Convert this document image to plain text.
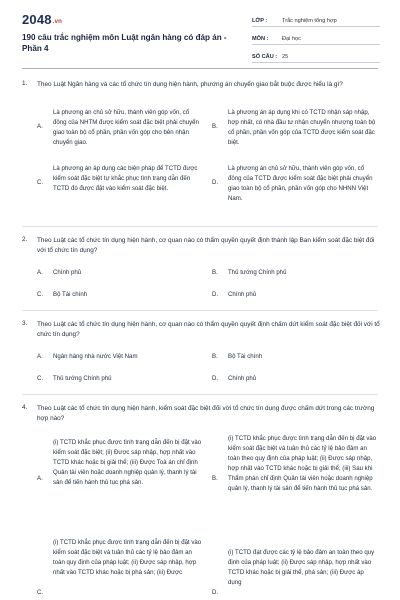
2048.vn
190 câu trắc nghiệm môn Luật ngân hàng có đáp án - Phần 4
LỚP :	Trắc nghiệm tổng hợp
MÔN :	Đại học
SỐ CÂU : 25
1. Theo Luật Ngân hàng và các tổ chức tín dụng hiện hành, phương án chuyển giao bắt buộc được hiểu là gì?
A.
Là phương án chủ sở hữu, thành viên góp vốn, cổ đông của NHTM được kiểm soát đặc biệt phải chuyển giao toàn bộ cổ phần, phần vốn góp cho bên nhận chuyển giao.
B.
Là phương án áp dụng khi có TCTD nhận sáp nhập, hợp nhất, có nhà đầu tư nhận chuyển nhượng toàn bộ cổ phần, phần vốn góp của TCTD được kiểm soát đặc biệt.
C.
Là phương án áp dụng các biện pháp để TCTD được kiểm soát đặc biệt tự khắc phục tình trạng dẫn đến TCTD đó được đặt vào kiểm soát đặc biệt.
D.
Là phương án chủ sở hữu, thành viên góp vốn, cổ đông của TCTD được kiểm soát đặc biệt phải chuyển giao toàn bộ cổ phần, phần vốn góp cho NHNN Việt Nam.
2. Theo Luật các tổ chức tín dụng hiện hành, cơ quan nào có thẩm quyền quyết định thành lập Ban kiểm soát đặc biệt đối với tổ chức tín dụng?
A. Chính phủ	B. Thủ tướng Chính phủ
C. Bộ Tài chính	D. Chính phủ
3. Theo Luật các tổ chức tín dụng hiện hành, cơ quan nào có thẩm quyền quyết định chấm dứt kiểm soát đặc biệt đối với tổ chức tín dụng?
A. Ngân hàng nhà nước Việt Nam	B. Bộ Tài chính
C. Thủ tướng Chính phủ	D. Chính phủ
4. Theo Luật các tổ chức tín dụng hiện hành, kiểm soát đặc biệt đối với tổ chức tín dụng được chấm dứt trong các trường hợp nào?
A.
(i) TCTD khắc phục được tình trạng dẫn đến bị đặt vào kiểm soát đặc biệt; (ii) Được sáp nhập, hợp nhất vào TCTD khác hoặc bị giải thể; (iii) Được Toà án chỉ định Quản tài viên hoặc doanh nghiệp quản lý, thanh lý tài sản để tiến hành thủ tục phá sản.
B.
(i) TCTD khắc phục được tình trạng dẫn đến bị đặt vào kiểm soát đặc biệt và tuân thủ các tỷ lệ bảo đảm an toàn theo quy định của pháp luật; (ii) Được sáp nhập, hợp nhất vào TCTD khác hoặc bị giải thể; (iii) Sau khi Thẩm phán chỉ định Quản tài viên hoặc doanh nghiệp quản lý, thanh lý tài sản để tiến hành thủ tục phá sản.
C.
(i) TCTD khắc phục được tình trạng dẫn đến bị đặt vào kiểm soát đặc biệt và tuân thủ các tỷ lệ bảo đảm an toàn quy định của pháp luật; (ii) Được sáp nhập, hợp nhất vào TCTD khác hoặc bị phá sản; (iii) Được
D.
(i) TCTD đạt được các tỷ lệ bảo đảm an toàn theo quy định của pháp luật; (ii) Được sáp nhập, hợp nhất vào TCTD khác hoặc bị giải thể, phá sản; (iii) Được áp dụng
